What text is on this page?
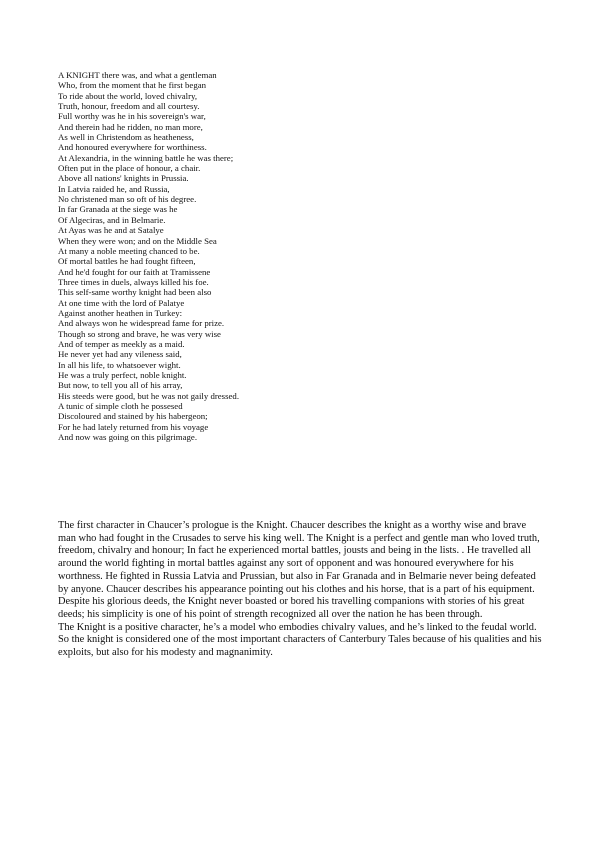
A KNIGHT there was, and what a gentleman
Who, from the moment that he first began
To ride about the world, loved chivalry,
Truth, honour, freedom and all courtesy.
Full worthy was he in his sovereign's war,
And therein had he ridden, no man more,
As well in Christendom as heatheness,
And honoured everywhere for worthiness.
At Alexandria, in the winning battle he was there;
Often put in the place of honour, a chair.
Above all nations' knights in Prussia.
In Latvia raided he, and Russia,
No christened man so oft of his degree.
In far Granada at the siege was he
Of Algeciras, and in Belmarie.
At Ayas was he and at Satalye
When they were won; and on the Middle Sea
At many a noble meeting chanced to be.
Of mortal battles he had fought fifteen,
And he'd fought for our faith at Tramissene
Three times in duels, always killed his foe.
This self-same worthy knight had been also
At one time with the lord of Palatye
Against another heathen in Turkey:
And always won he widespread fame for prize.
Though so strong and brave, he was very wise
And of temper as meekly as a maid.
He never yet had any vileness said,
In all his life, to whatsoever wight.
He was a truly perfect, noble knight.
But now, to tell you all of his array,
His steeds were good, but he was not gaily dressed.
A tunic of simple cloth he possesed
Discoloured and stained by his habergeon;
For he had lately returned from his voyage
And now was going on this pilgrimage.

The first character in Chaucer’s prologue is the Knight. Chaucer describes the knight as a worthy wise and brave man who had fought in the Crusades to serve his king well. The Knight is a perfect and gentle man who loved truth, freedom, chivalry and honour; In fact he experienced mortal battles, jousts and being in the lists. . He travelled all around the world fighting in mortal battles against any sort of opponent and was honoured everywhere for his worthness. He fighted in Russia Latvia and Prussian, but also in Far Granada and in Belmarie never being defeated by anyone. Chaucer describes his appearance pointing out his clothes and his horse, that is a part of his equipment. Despite his glorious deeds, the Knight never boasted or bored his travelling companions with stories of his great deeds; his simplicity is one of his point of strength recognized all over the nation he has been through.

The Knight is a positive character, he’s a model who embodies chivalry values, and he’s linked to the feudal world. So the knight is considered one of the most important characters of Canterbury Tales because of his qualities and his exploits, but also for his modesty and magnanimity.
